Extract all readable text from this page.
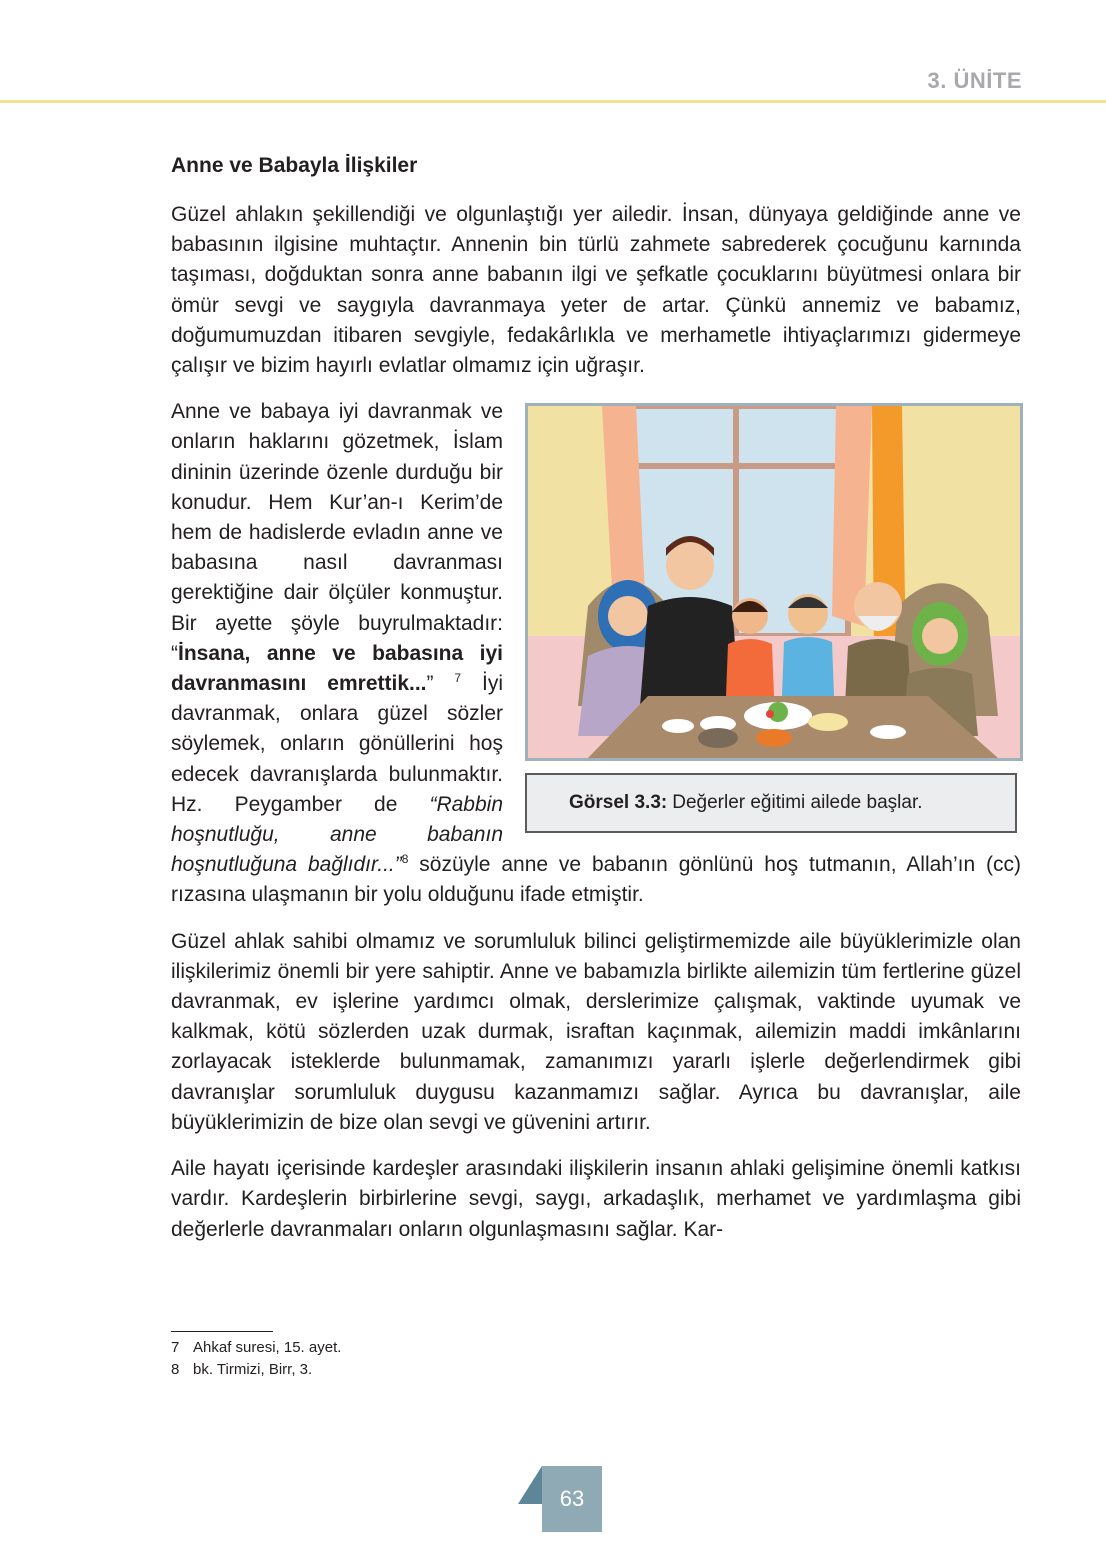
3. ÜNİTE
Anne ve Babayla İlişkiler

Güzel ahlakın şekillendiği ve olgunlaştığı yer ailedir. İnsan, dünyaya geldiğinde anne ve babasının ilgisine muhtaçtır. Annenin bin türlü zahmete sabrederek çocuğunu karnında taşıması, doğduktan sonra anne babanın ilgi ve şefkatle çocuklarını büyütmesi onlara bir ömür sevgi ve saygıyla davranmaya yeter de artar. Çünkü annemiz ve babamız, doğumumuzdan itibaren sevgiyle, fedakârlıkla ve merhametle ihtiyaçlarımızı gidermeye çalışır ve bizim hayırlı evlatlar olmamız için uğraşır.

Görsel 3.3: Değerler eğitimi ailede başlar.

Anne ve babaya iyi davranmak ve onların haklarını gözetmek, İslam dininin üzerinde özenle durduğu bir konudur. Hem Kur’an-ı Kerim’de hem de hadislerde evladın anne ve babasına nasıl davranması gerektiğine dair ölçüler konmuştur. Bir ayette şöyle buyrulmaktadır: “İnsana, anne ve babasına iyi davranmasını emrettik...” $^7$ İyi davranmak, onlara güzel sözler söylemek, onların gönüllerini hoş edecek davranışlarda bulunmaktır. Hz. Peygamber de “Rabbin hoşnutluğu, anne babanın hoşnutluğuna bağlıdır...”$^8$ sözüyle anne ve babanın gönlünü hoş tutmanın, Allah’ın (cc) rızasına ulaşmanın bir yolu olduğunu ifade etmiştir.

Güzel ahlak sahibi olmamız ve sorumluluk bilinci geliştirmemizde aile büyüklerimizle olan ilişkilerimiz önemli bir yere sahiptir. Anne ve babamızla birlikte ailemizin tüm fertlerine güzel davranmak, ev işlerine yardımcı olmak, derslerimize çalışmak, vaktinde uyumak ve kalkmak, kötü sözlerden uzak durmak, israftan kaçınmak, ailemizin maddi imkânlarını zorlayacak isteklerde bulunmamak, zamanımızı yararlı işlerle değerlendirmek gibi davranışlar sorumluluk duygusu kazanmamızı sağlar. Ayrıca bu davranışlar, aile büyüklerimizin de bize olan sevgi ve güvenini artırır.

Aile hayatı içerisinde kardeşler arasındaki ilişkilerin insanın ahlaki gelişimine önemli katkısı vardır. Kardeşlerin birbirlerine sevgi, saygı, arkadaşlık, merhamet ve yardımlaşma gibi değerlerle davranmaları onların olgunlaşmasını sağlar. Kar-

7 Ahkaf suresi, 15. ayet.
8 bk. Tirmizi, Birr, 3.
63
